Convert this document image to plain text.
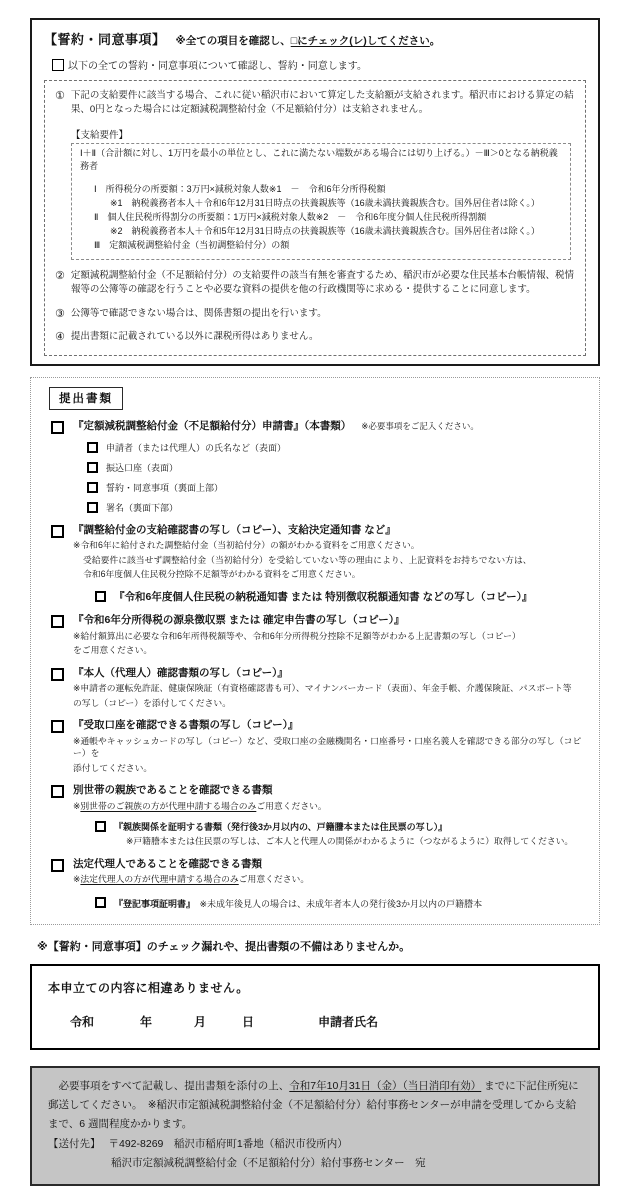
【誓約・同意事項】 ※全ての項目を確認し、□にチェック(レ)してください。
以下の全ての誓約・同意事項について確認し、誓約・同意します。
① 下記の支給要件に該当する場合、これに従い稲沢市において算定した支給額が支給されます。稲沢市における算定の結果、0円となった場合には定額減税調整給付金（不足額給付分）は支給されません。
【支給要件】
Ⅰ＋Ⅱ（合計額に対し、1万円を最小の単位とし、これに満たない端数がある場合には切り上げる。）－Ⅲ＞0となる納税義務者
Ⅰ　所得税分の所要額：3万円×減税対象人数※1　－　令和6年分所得税額
※1　納税義務者本人＋令和6年12月31日時点の扶養親族等（16歳未満扶養親族含む。国外居住者は除く。）
Ⅱ　個人住民税所得割分の所要額：1万円×減税対象人数※2　－　令和6年度分個人住民税所得割額
※2　納税義務者本人＋令和5年12月31日時点の扶養親族等（16歳未満扶養親族含む。国外居住者は除く。）
Ⅲ　定額減税調整給付金（当初調整給付分）の額
② 定額減税調整給付金（不足額給付分）の支給要件の該当有無を審査するため、稲沢市が必要な住民基本台帳情報、税情報等の公簿等の確認を行うことや必要な資料の提供を他の行政機関等に求める・提供することに同意します。
③ 公簿等で確認できない場合は、関係書類の提出を行います。
④ 提出書類に記載されている以外に課税所得はありません。
提出書類
『定額減税調整給付金（不足額給付分）申請書』（本書類） ※必要事項をご記入ください。
申請者（または代理人）の氏名など（表面）
振込口座（表面）
誓約・同意事項（裏面上部）
署名（裏面下部）
『調整給付金の支給確認書の写し（コピー）、支給決定通知書 など』
※令和6年に給付された調整給付金（当初給付分）の額がわかる資料をご用意ください。
受給要件に該当せず調整給付金（当初給付分）を受給していない等の理由により、上記資料をお持ちでない方は、
令和6年度個人住民税分控除不足額等がわかる資料をご用意ください。
『令和6年度個人住民税の納税通知書 または 特別徴収税額通知書 などの写し（コピー）』
『令和6年分所得税の源泉徴収票 または 確定申告書の写し（コピー）』
※給付額算出に必要な令和6年所得税額等や、令和6年分所得税分控除不足額等がわかる上記書類の写し（コピー）
をご用意ください。
『本人（代理人）確認書類の写し（コピー）』
※申請者の運転免許証、健康保険証（有資格確認書も可）、マイナンバーカード（表面）、年金手帳、介護保険証、パスポート等
の写し（コピー）を添付してください。
『受取口座を確認できる書類の写し（コピー）』
※通帳やキャッシュカードの写し（コピー）など、受取口座の金融機関名・口座番号・口座名義人を確認できる部分の写し（コピー）を
添付してください。
別世帯の親族であることを確認できる書類
※別世帯のご親族の方が代理申請する場合のみご用意ください。
『親族関係を証明する書類（発行後3か月以内の、戸籍謄本または住民票の写し）』
※戸籍謄本または住民票の写しは、ご本人と代理人の関係がわかるように（つながるように）取得してください。
法定代理人であることを確認できる書類
※法定代理人の方が代理申請する場合のみご用意ください。
『登記事項証明書』 ※未成年後見人の場合は、未成年者本人の発行後3か月以内の戸籍謄本
※【誓約・同意事項】のチェック漏れや、提出書類の不備はありませんか。
本申立ての内容に相違ありません。
令和	年	月	日	申請者氏名
必要事項をすべて記載し、提出書類を添付の上、令和7年10月31日（金）（当日消印有効） までに下記住所宛に郵送してください。　※稲沢市定額減税調整給付金（不足額給付分）給付事務センターが申請を受理してから支給まで、6 週間程度かかります。
【送付先】 〒492-8269　稲沢市稲府町1番地（稲沢市役所内）
稲沢市定額減税調整給付金（不足額給付分）給付事務センター　宛
